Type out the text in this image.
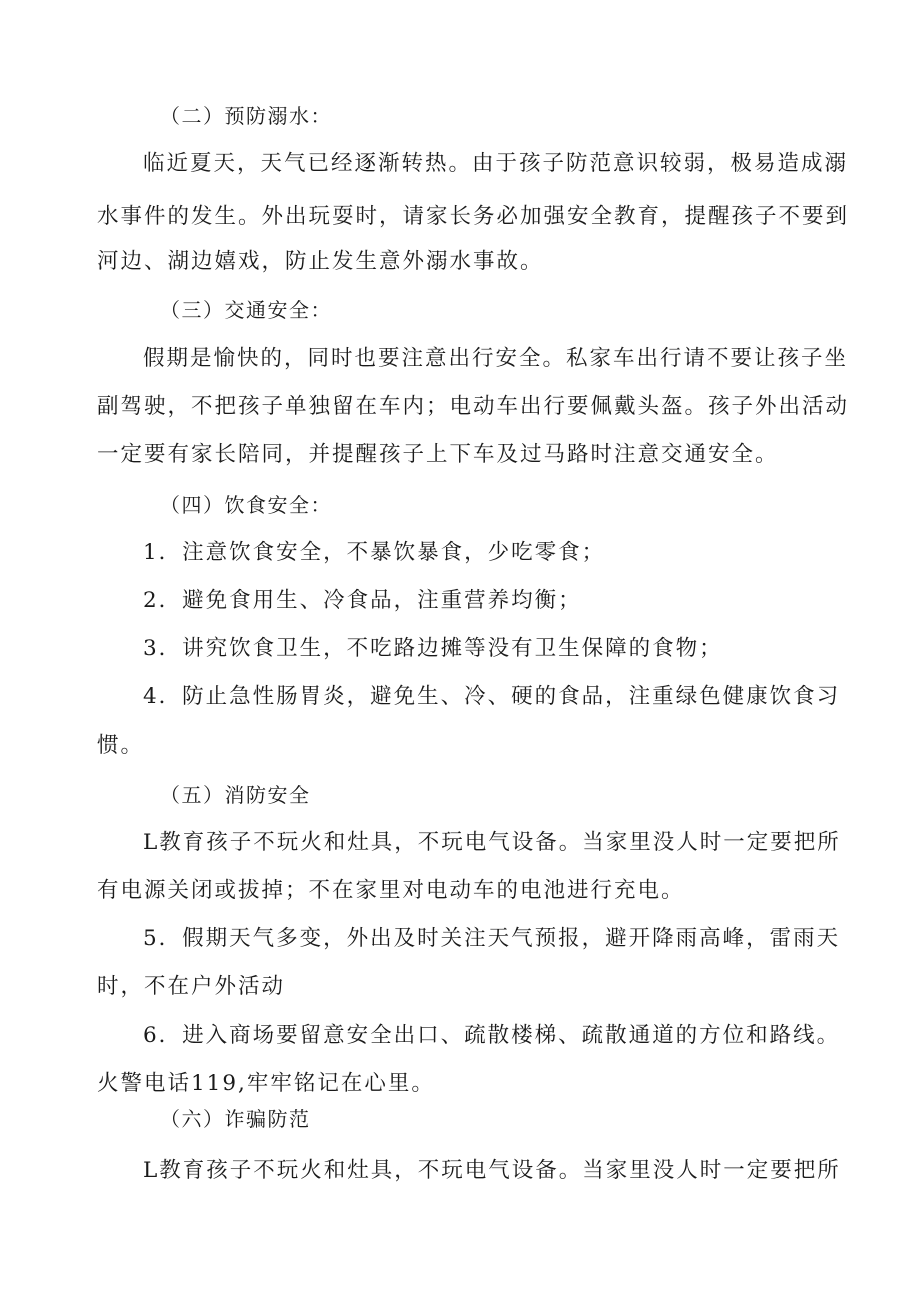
（二）预防溺水：
临近夏天，天气已经逐渐转热。由于孩子防范意识较弱，极易造成溺
水事件的发生。外出玩耍时，请家长务必加强安全教育，提醒孩子不要到
河边、湖边嬉戏，防止发生意外溺水事故。
（三）交通安全：
假期是愉快的，同时也要注意出行安全。私家车出行请不要让孩子坐
副驾驶，不把孩子单独留在车内；电动车出行要佩戴头盔。孩子外出活动
一定要有家长陪同，并提醒孩子上下车及过马路时注意交通安全。
（四）饮食安全：
1．注意饮食安全，不暴饮暴食，少吃零食；
2．避免食用生、冷食品，注重营养均衡；
3．讲究饮食卫生，不吃路边摊等没有卫生保障的食物；
4．防止急性肠胃炎，避免生、冷、硬的食品，注重绿色健康饮食习
惯。
（五）消防安全
L教育孩子不玩火和灶具，不玩电气设备。当家里没人时一定要把所
有电源关闭或拔掉；不在家里对电动车的电池进行充电。
5．假期天气多变，外出及时关注天气预报，避开降雨高峰，雷雨天
时，不在户外活动
6．进入商场要留意安全出口、疏散楼梯、疏散通道的方位和路线。
火警电话119,牢牢铭记在心里。
（六）诈骗防范
L教育孩子不玩火和灶具，不玩电气设备。当家里没人时一定要把所
